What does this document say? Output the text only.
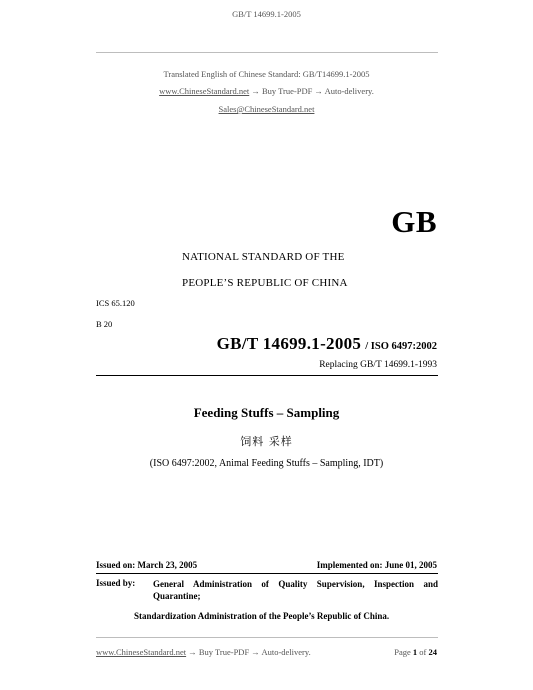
GB/T 14699.1-2005
Translated English of Chinese Standard: GB/T14699.1-2005
www.ChineseStandard.net → Buy True-PDF → Auto-delivery.
Sales@ChineseStandard.net
GB
NATIONAL STANDARD OF THE
PEOPLE’S REPUBLIC OF CHINA
ICS 65.120
B 20
GB/T 14699.1-2005 / ISO 6497:2002
Replacing GB/T 14699.1-1993
Feeding Stuffs – Sampling
饲料 采样
(ISO 6497:2002, Animal Feeding Stuffs – Sampling, IDT)
Issued on: March 23, 2005	Implemented on: June 01, 2005
Issued by: General Administration of Quality Supervision, Inspection and
Quarantine;
Standardization Administration of the People’s Republic of China.
www.ChineseStandard.net → Buy True-PDF → Auto-delivery.	Page 1 of 24
